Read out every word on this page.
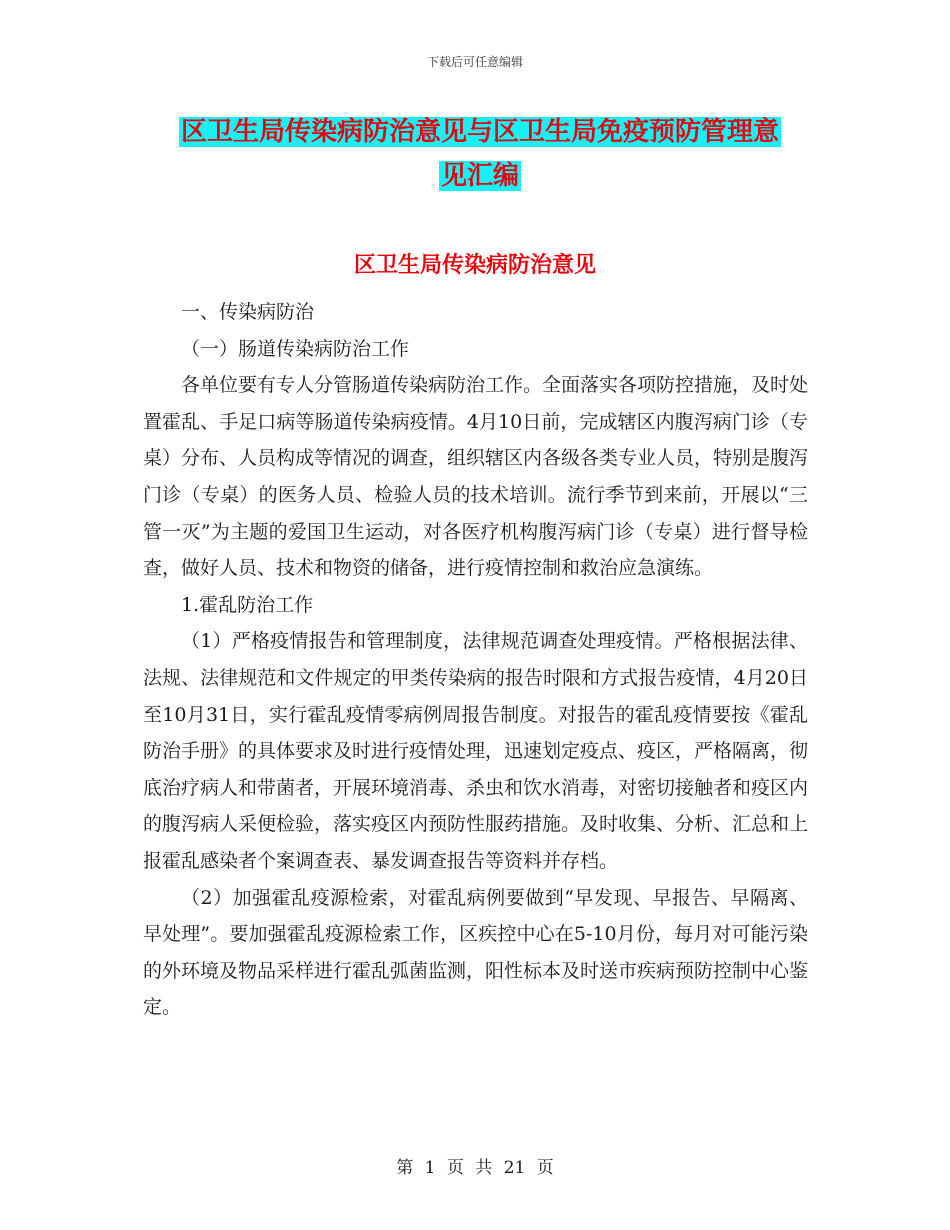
下载后可任意编辑
区卫生局传染病防治意见与区卫生局免疫预防管理意
见汇编
区卫生局传染病防治意见
一、传染病防治
（一）肠道传染病防治工作

各单位要有专人分管肠道传染病防治工作。全面落实各项防控措施，及时处置霍乱、手足口病等肠道传染病疫情。4月10日前，完成辖区内腹泻病门诊（专桌）分布、人员构成等情况的调查，组织辖区内各级各类专业人员，特别是腹泻门诊（专桌）的医务人员、检验人员的技术培训。流行季节到来前，开展以“三管一灭”为主题的爱国卫生运动，对各医疗机构腹泻病门诊（专桌）进行督导检查，做好人员、技术和物资的储备，进行疫情控制和救治应急演练。

1.霍乱防治工作

（1）严格疫情报告和管理制度，法律规范调查处理疫情。严格根据法律、法规、法律规范和文件规定的甲类传染病的报告时限和方式报告疫情，4月20日至10月31日，实行霍乱疫情零病例周报告制度。对报告的霍乱疫情要按《霍乱防治手册》的具体要求及时进行疫情处理，迅速划定疫点、疫区，严格隔离，彻底治疗病人和带菌者，开展环境消毒、杀虫和饮水消毒，对密切接触者和疫区内的腹泻病人采便检验，落实疫区内预防性服药措施。及时收集、分析、汇总和上报霍乱感染者个案调查表、暴发调查报告等资料并存档。

（2）加强霍乱疫源检索，对霍乱病例要做到“早发现、早报告、早隔离、早处理”。要加强霍乱疫源检索工作，区疾控中心在5-10月份，每月对可能污染的外环境及物品采样进行霍乱弧菌监测，阳性标本及时送市疾病预防控制中心鉴定。

第 1 页 共 21 页
